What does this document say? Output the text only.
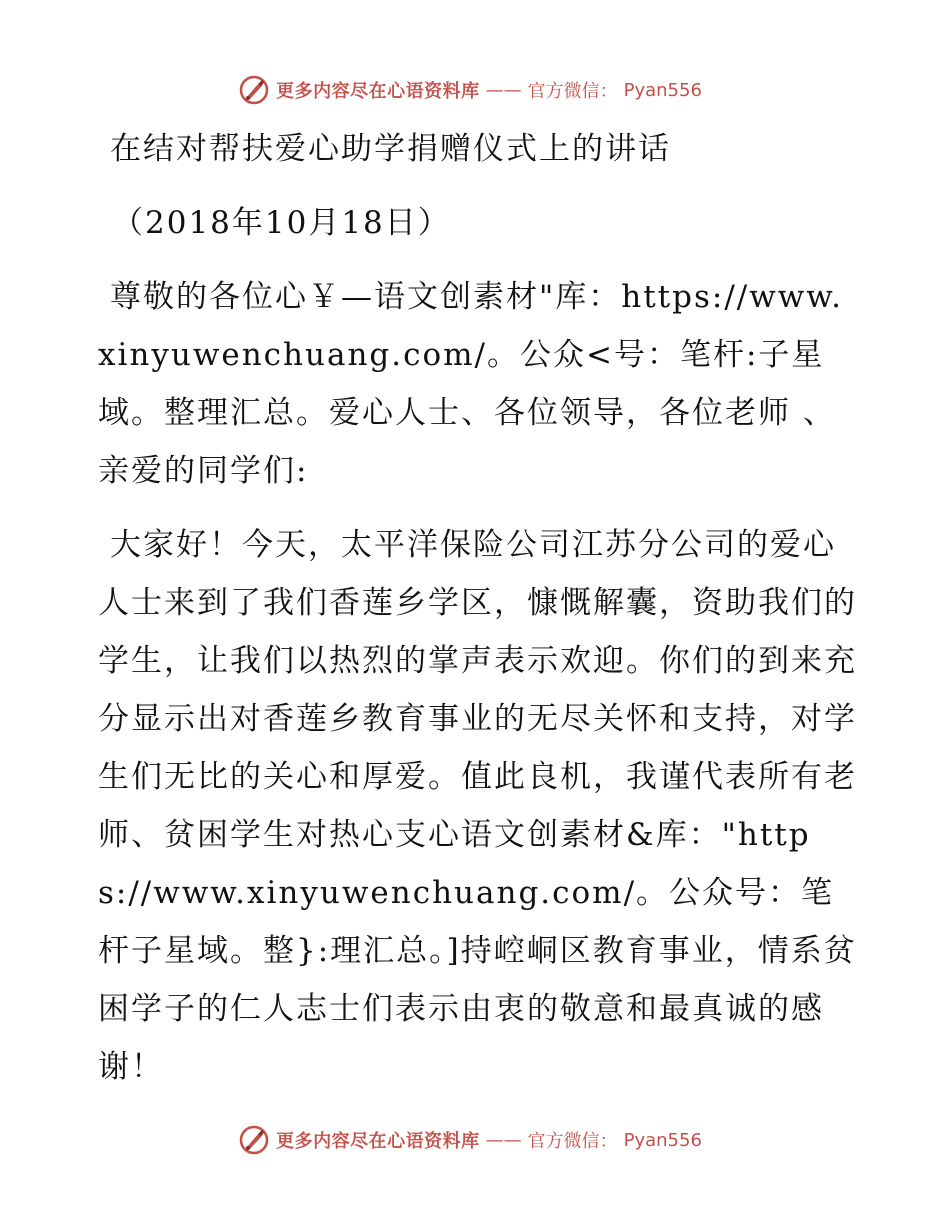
更多内容尽在心语资料库 —— 官方微信： Pyan556
在结对帮扶爱心助学捐赠仪式上的讲话
（2018年10月18日）

尊敬的各位心￥—语文创素材"库：https://www.xinyuwenchuang.com/。公众<号：笔杆:子星域。整理汇总。爱心人士、各位领导，各位老师 、亲爱的同学们:

大家好！今天，太平洋保险公司江苏分公司的爱心人士来到了我们香莲乡学区，慷慨解囊，资助我们的学生，让我们以热烈的掌声表示欢迎。你们的到来充分显示出对香莲乡教育事业的无尽关怀和支持，对学生们无比的关心和厚爱。值此良机，我谨代表所有老师、贫困学生对热心支心语文创素材&库："https://www.xinyuwenchuang.com/。公众号：笔杆子星域。整}:理汇总。]持崆峒区教育事业，情系贫困学子的仁人志士们表示由衷的敬意和最真诚的感谢！

更多内容尽在心语资料库 —— 官方微信： Pyan556
